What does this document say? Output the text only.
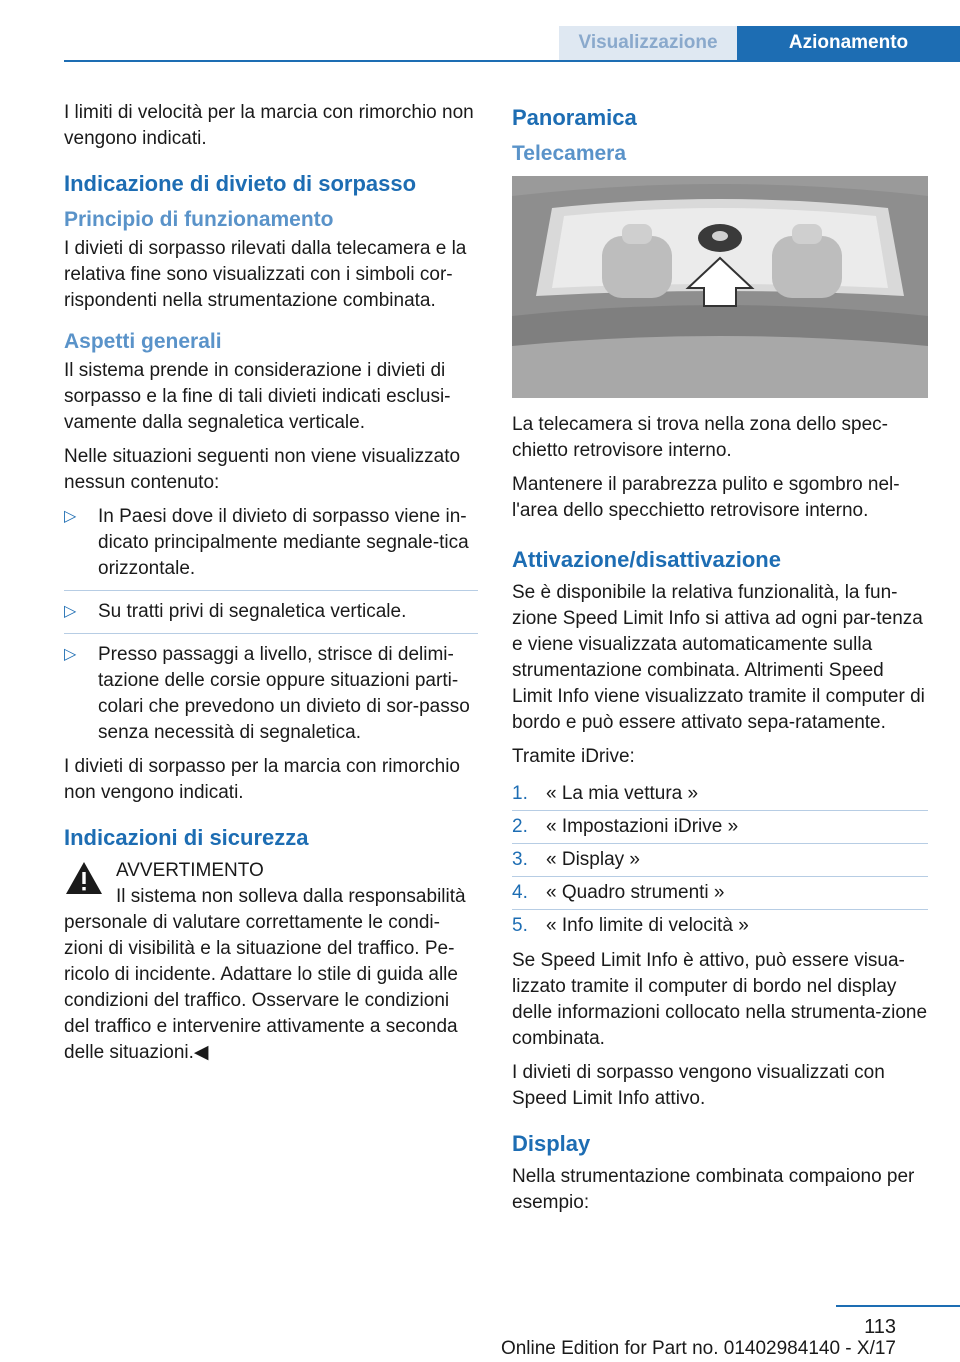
Visualizzazione	Azionamento

I limiti di velocità per la marcia con rimorchio non vengono indicati.

Indicazione di divieto di sorpasso
Principio di funzionamento

I divieti di sorpasso rilevati dalla telecamera e la relativa fine sono visualizzati con i simboli cor-rispondenti nella strumentazione combinata.

Aspetti generali

Il sistema prende in considerazione i divieti di sorpasso e la fine di tali divieti indicati esclusi-vamente dalla segnaletica verticale.

Nelle situazioni seguenti non viene visualizzato nessun contenuto:

▷ In Paesi dove il divieto di sorpasso viene in-dicato principalmente mediante segnale-tica orizzontale.
▷ Su tratti privi di segnaletica verticale.
▷ Presso passaggi a livello, strisce di delimi-tazione delle corsie oppure situazioni parti-colari che prevedono un divieto di sor-passo senza necessità di segnaletica.

I divieti di sorpasso per la marcia con rimorchio non vengono indicati.

Indicazioni di sicurezza

AVVERTIMENTO

Il sistema non solleva dalla responsabilità personale di valutare correttamente le condi-zioni di visibilità e la situazione del traffico. Pe-ricolo di incidente. Adattare lo stile di guida alle condizioni del traffico. Osservare le condizioni del traffico e intervenire attivamente a seconda delle situazioni.◀

Panoramica
Telecamera

La telecamera si trova nella zona dello spec-chietto retrovisore interno.

Mantenere il parabrezza pulito e sgombro nel-l'area dello specchietto retrovisore interno.

Attivazione/disattivazione

Se è disponibile la relativa funzionalità, la fun-zione Speed Limit Info si attiva ad ogni par-tenza e viene visualizzata automaticamente sulla strumentazione combinata. Altrimenti Speed Limit Info viene visualizzato tramite il computer di bordo e può essere attivato sepa-ratamente.

Tramite iDrive:

1. « La mia vettura »
2. « Impostazioni iDrive »
3. « Display »
4. « Quadro strumenti »
5. « Info limite di velocità »

Se Speed Limit Info è attivo, può essere visua-lizzato tramite il computer di bordo nel display delle informazioni collocato nella strumenta-zione combinata.

I divieti di sorpasso vengono visualizzati con Speed Limit Info attivo.

Display

Nella strumentazione combinata compaiono per esempio:

113
Online Edition for Part no. 01402984140 - X/17
